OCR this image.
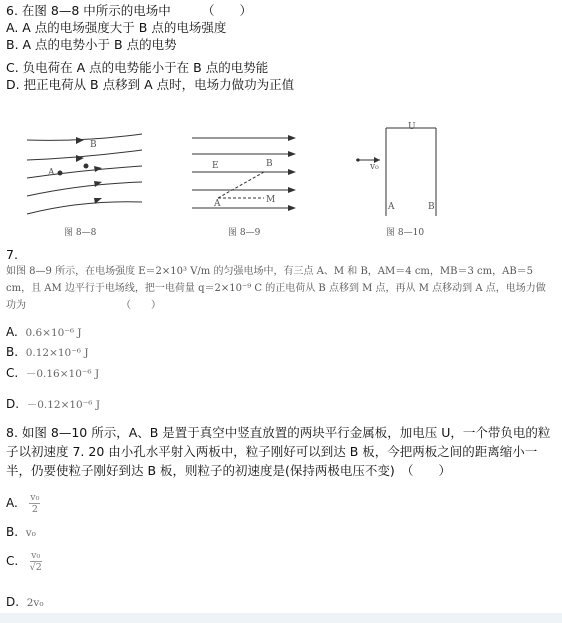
6. 在图 8—8 中所示的电场中　　　（　　）
A. A 点的电场强度大于 B 点的电场强度
B. A 点的电势小于 B 点的电势
C. 负电荷在 A 点的电势能小于在 B 点的电势能
D. 把正电荷从 B 点移到 A 点时，电场力做功为正值
A
B
图 8—8
E	B
A	M
图 8—9
U
v₀
A	B
图 8—10
7.
如图 8—9 所示，在电场强度 E＝2×10³ V/m 的匀强电场中，有三点 A、M 和 B，AM＝4 cm，MB＝3 cm，AB＝5 cm，且 AM 边平行于电场线，把一电荷量 q＝2×10⁻⁹ C 的正电荷从 B 点移到 M 点，再从 M 点移动到 A 点，电场力做功为　　　　　　　　　　（　　）
A. 0.6×10⁻⁶ J
B. 0.12×10⁻⁶ J
C. －0.16×10⁻⁶ J
D. －0.12×10⁻⁶ J
8. 如图 8—10 所示，A、B 是置于真空中竖直放置的两块平行金属板，加电压 U，一个带负电的粒子以初速度 7. 20 由小孔水平射入两板中，粒子刚好可以到达 B 板，今把两板之间的距离缩小一半，仍要使粒子刚好到达 B 板，则粒子的初速度是(保持两极电压不变)　（　　）
A. $\frac{\text{v₀}}{2}$
B. v₀
C. $\frac{\text{v₀}}{√2}$
D. 2v₀
